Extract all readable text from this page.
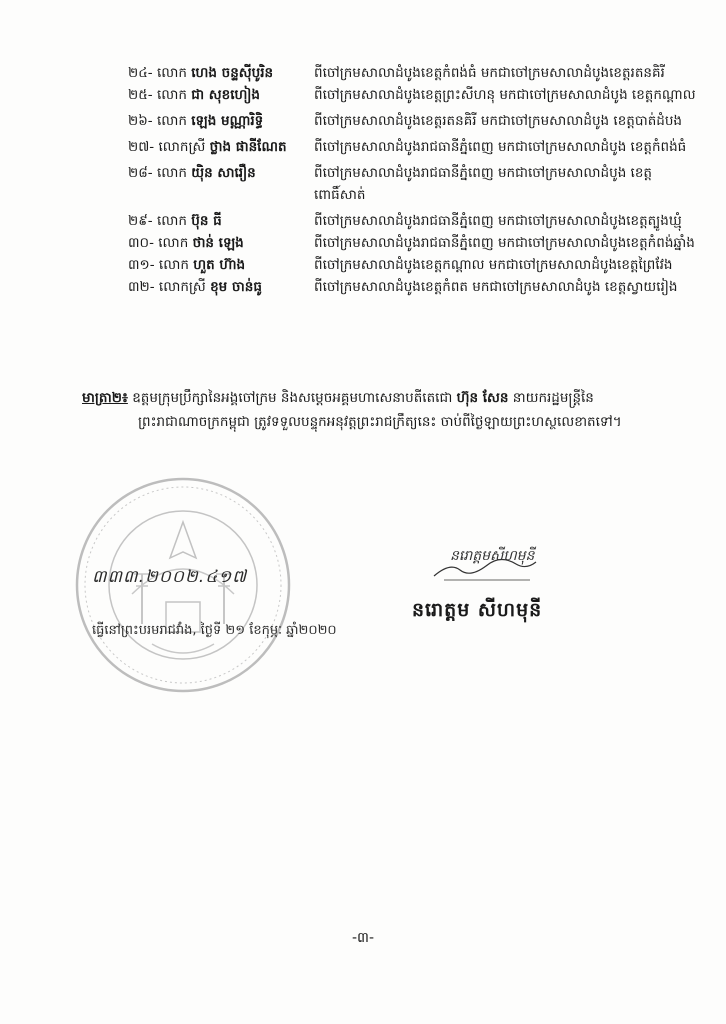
២៤- លោក ហេង ចន្ទសុីបូរិន	ពីចៅក្រមសាលាដំបូងខេត្តកំពង់ធំ មកជាចៅក្រមសាលាដំបូងខេត្តរតនគិរី
២៥- លោក ជា សុខហៀង	ពីចៅក្រមសាលាដំបូងខេត្តព្រះសីហនុ មកជាចៅក្រមសាលាដំបូង ខេត្តកណ្តាល
២៦- លោក ឡេង មណ្ណារិទ្ធិ	ពីចៅក្រមសាលាដំបូងខេត្តរតនគិរី មកជាចៅក្រមសាលាដំបូង ខេត្តបាត់ដំបង
២៧- លោកស្រី ថ្លាង ផានីណែត	ពីចៅក្រមសាលាដំបូងរាជធានីភ្នំពេញ មកជាចៅក្រមសាលាដំបូង ខេត្តកំពង់ធំ
២៨- លោក យុិន សារឿន	ពីចៅក្រមសាលាដំបូងរាជធានីភ្នំពេញ មកជាចៅក្រមសាលាដំបូង ខេត្តពោធិ៍សាត់
២៩- លោក ប៊ុន ធី	ពីចៅក្រមសាលាដំបូងរាជធានីភ្នំពេញ មកជាចៅក្រមសាលាដំបូងខេត្តត្បូងឃ្មុំ
៣០- លោក ថាន់ ឡេង	ពីចៅក្រមសាលាដំបូងរាជធានីភ្នំពេញ មកជាចៅក្រមសាលាដំបូងខេត្តកំពង់ឆ្នាំង
៣១- លោក ហួត ហ៊ាង	ពីចៅក្រមសាលាដំបូងខេត្តកណ្តាល មកជាចៅក្រមសាលាដំបូងខេត្តព្រៃវែង
៣២- លោកស្រី ខុម ចាន់ធូ	ពីចៅក្រមសាលាដំបូងខេត្តកំពត មកជាចៅក្រមសាលាដំបូង ខេត្តស្វាយរៀង
មាត្រា២៖ ឧត្តមក្រុមប្រឹក្សានៃអង្គចៅក្រម និងសម្តេចអគ្គមហាសេនាបតីតេជោ ហ៊ុន សែន នាយករដ្ឋមន្ត្រីនៃ
ព្រះរាជាណាចក្រកម្ពុជា ត្រូវទទួលបន្ទុកអនុវត្តព្រះរាជក្រឹត្យនេះ ចាប់ពីថ្ងៃឡាយព្រះហស្ថលេខាតទៅ។
៣៣៣.២០០២.៤១៧
ធ្វើនៅព្រះបរមរាជវាំង, ថ្ងៃទី ២១ ខែកុម្ភៈ ឆ្នាំ២០២០
នរោត្តមសីហមុនី
នរោត្តម សីហមុនី
-៣-
